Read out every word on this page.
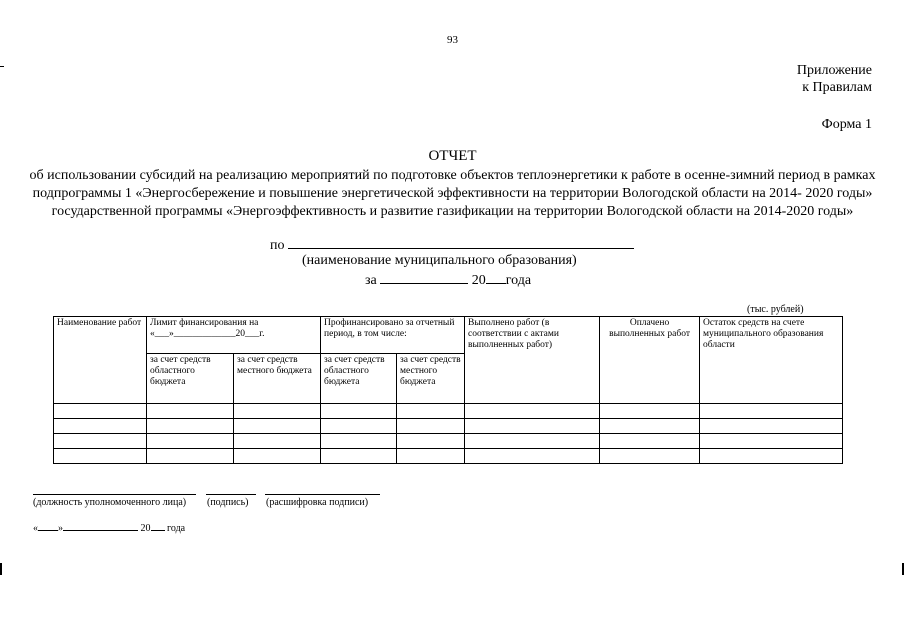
93
Приложение
к Правилам
Форма 1
ОТЧЕТ
об использовании субсидий на реализацию мероприятий по подготовке объектов теплоэнергетики к работе в осенне-зимний период в рамках подпрограммы 1 «Энергосбережение и повышение энергетической эффективности на территории Вологодской области на 2014- 2020 годы» государственной программы «Энергоэффективность и развитие газификации на территории Вологодской области на 2014-2020 годы»
по
(наименование муниципального образования)
за	20 года
(тыс. рублей)
Наименование работ	Лимит финансирования на «___»_____________20___г.		Профинансировано за отчетный период, в том числе:		Выполнено работ (в соответствии с актами выполненных работ)	Оплачено выполненных работ	Остаток средств на счете муниципального образования области
	за счет средств областного бюджета	за счет средств местного бюджета	за счет средств областного бюджета	за счет средств местного бюджета			

(должность уполномоченного лица) (подпись) (расшифровка подписи)
« »	20 года
